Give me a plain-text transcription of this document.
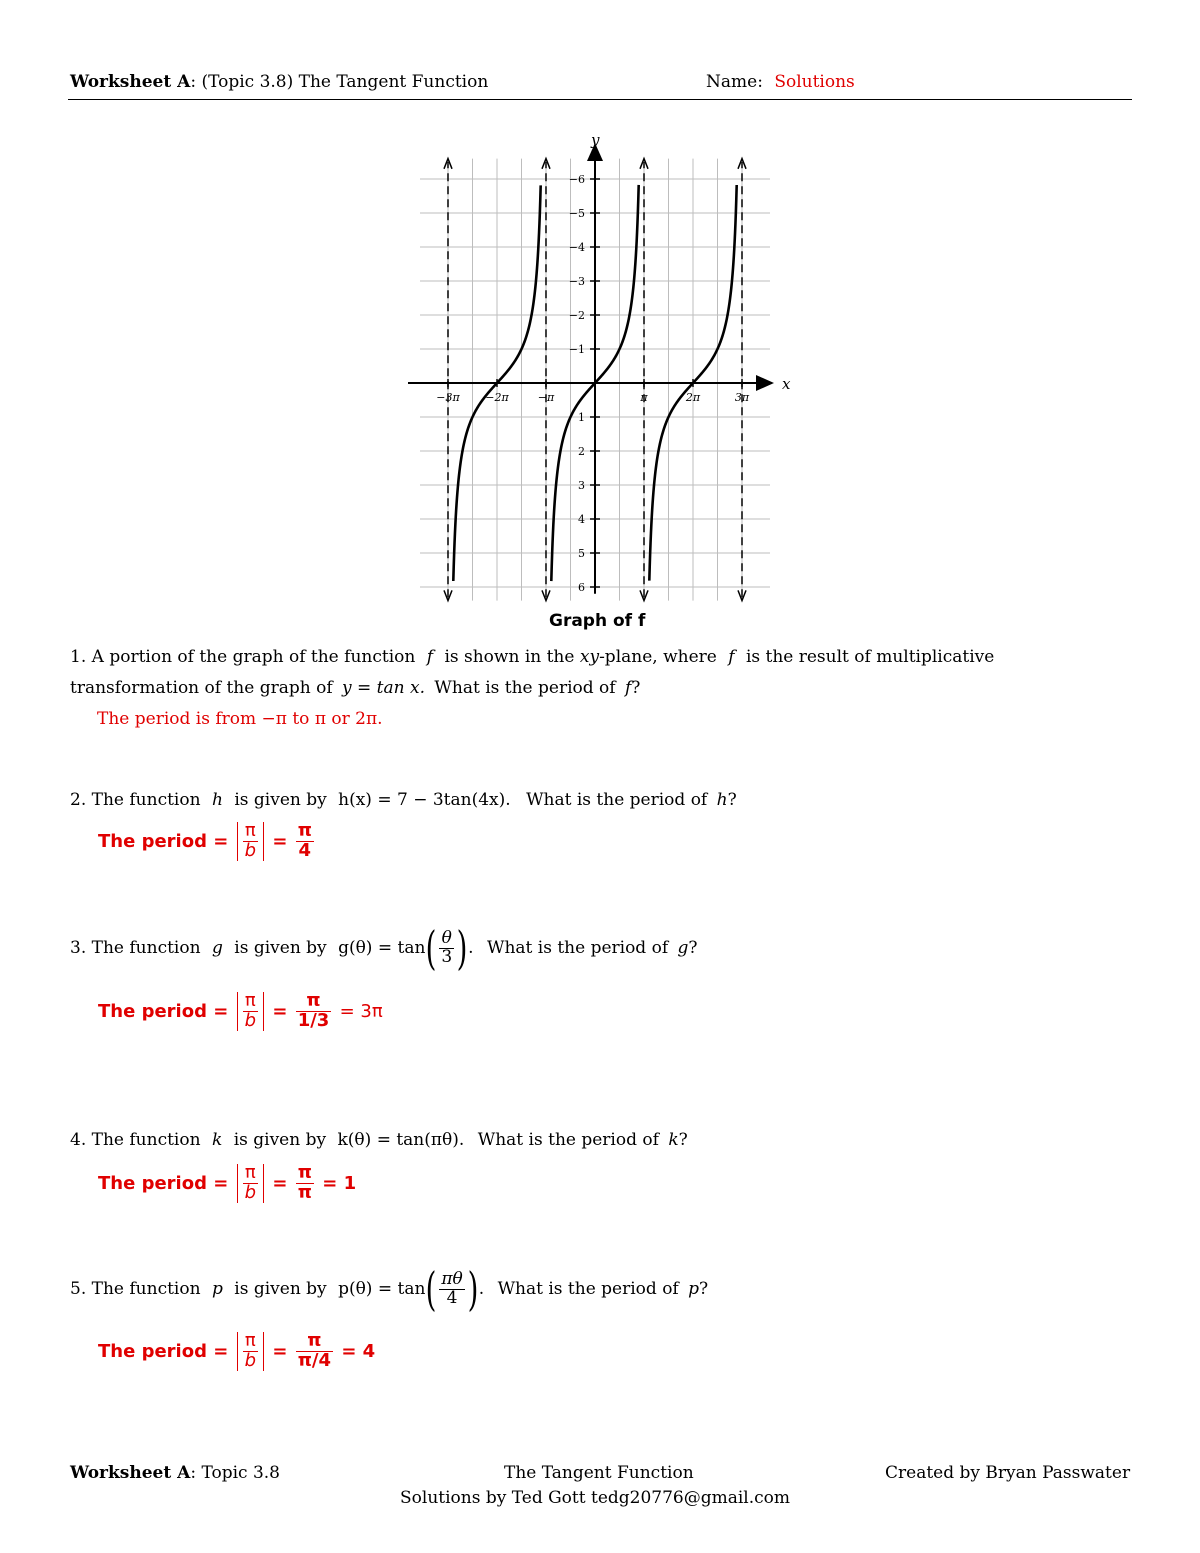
Worksheet A: (Topic 3.8) The Tangent Function	Name: Solutions
x
y
−3π −2π	−π	π	2π	3π
6
5
4
3
2
1
−1
−2
−3
−4
−5
−6
Graph of f
1. A portion of the graph of the function f is shown in the xy-plane, where f is the result of multiplicative
transformation of the graph of y = tan x. What is the period of f?
The period is from −π to π or 2π.
2. The function h is given by h(x) = 7 − 3tan(4x). What is the period of h?
The period = $\frac{\pi}{b} = \frac{\pi}{4}$
3. The function g is given by $g(\theta) = \tan( \frac{\theta}{3}$ ). What is the period of g?
The period = $\frac{\pi}{b} = \frac{\pi}{1/3} = 3\pi$
4. The function k is given by k(θ) = tan(πθ). What is the period of k?
The period = $\frac{\pi}{b} = \frac{\pi}{\pi} = 1$
5. The function p is given by $p(\theta) = \tan( \frac{\pi\theta}{4}$ ). What is the period of p?
The period = $\frac{\pi}{b} = \frac{\pi}{\pi/4} = 4$
Worksheet A: Topic 3.8	The Tangent Function	Created by Bryan Passwater
Solutions by Ted Gott tedg20776@gmail.com
